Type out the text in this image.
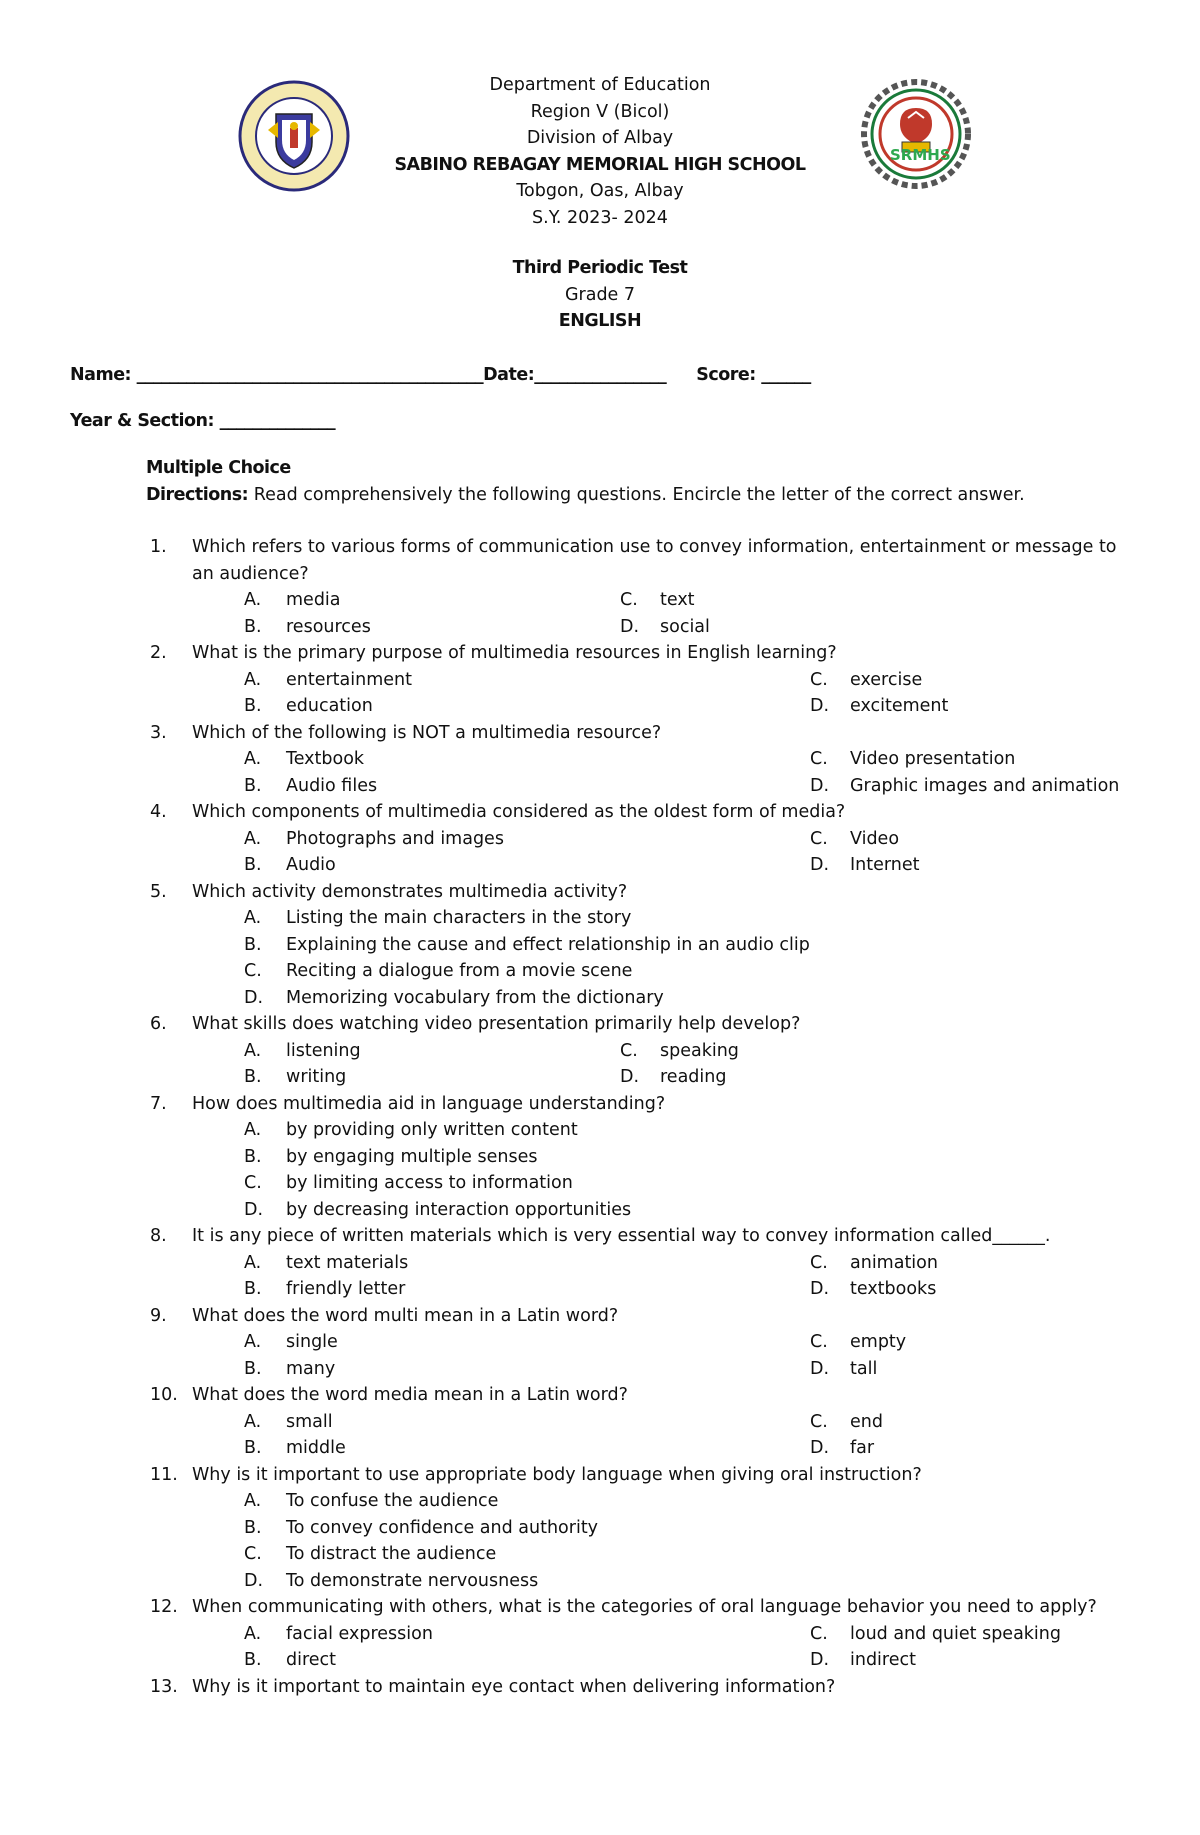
SRMHS
Department of Education
Region V (Bicol)
Division of Albay
SABINO REBAGAY MEMORIAL HIGH SCHOOL
Tobgon, Oas, Albay
S.Y. 2023- 2024
Third Periodic Test
Grade 7
ENGLISH
Name: __________________________________________Date:________________ Score: ______
Year & Section: ______________
Multiple Choice
Directions: Read comprehensively the following questions. Encircle the letter of the correct answer.
1.	Which refers to various forms of communication use to convey information, entertainment or message to
an audience?
A. media	C. text
B. resources	D. social
2.	What is the primary purpose of multimedia resources in English learning?
A. entertainment	C. exercise
B. education	D. excitement
3.	Which of the following is NOT a multimedia resource?
A. Textbook	C. Video presentation
B. Audio files	D. Graphic images and animation
4.	Which components of multimedia considered as the oldest form of media?
A. Photographs and images	C. Video
B. Audio	D. Internet
5.	Which activity demonstrates multimedia activity?
A. Listing the main characters in the story
B. Explaining the cause and effect relationship in an audio clip
C. Reciting a dialogue from a movie scene
D. Memorizing vocabulary from the dictionary
6.	What skills does watching video presentation primarily help develop?
A. listening	C. speaking
B. writing	D. reading
7.	How does multimedia aid in language understanding?
A. by providing only written content
B. by engaging multiple senses
C. by limiting access to information
D. by decreasing interaction opportunities
8.	It is any piece of written materials which is very essential way to convey information called______.
A. text materials	C. animation
B. friendly letter	D. textbooks
9.	What does the word multi mean in a Latin word?
A. single	C. empty
B. many	D. tall
10. What does the word media mean in a Latin word?
A. small	C. end
B. middle	D. far
11. Why is it important to use appropriate body language when giving oral instruction?
A. To confuse the audience
B. To convey confidence and authority
C. To distract the audience
D. To demonstrate nervousness
12. When communicating with others, what is the categories of oral language behavior you need to apply?
A. facial expression	C. loud and quiet speaking
B. direct	D. indirect
13. Why is it important to maintain eye contact when delivering information?
